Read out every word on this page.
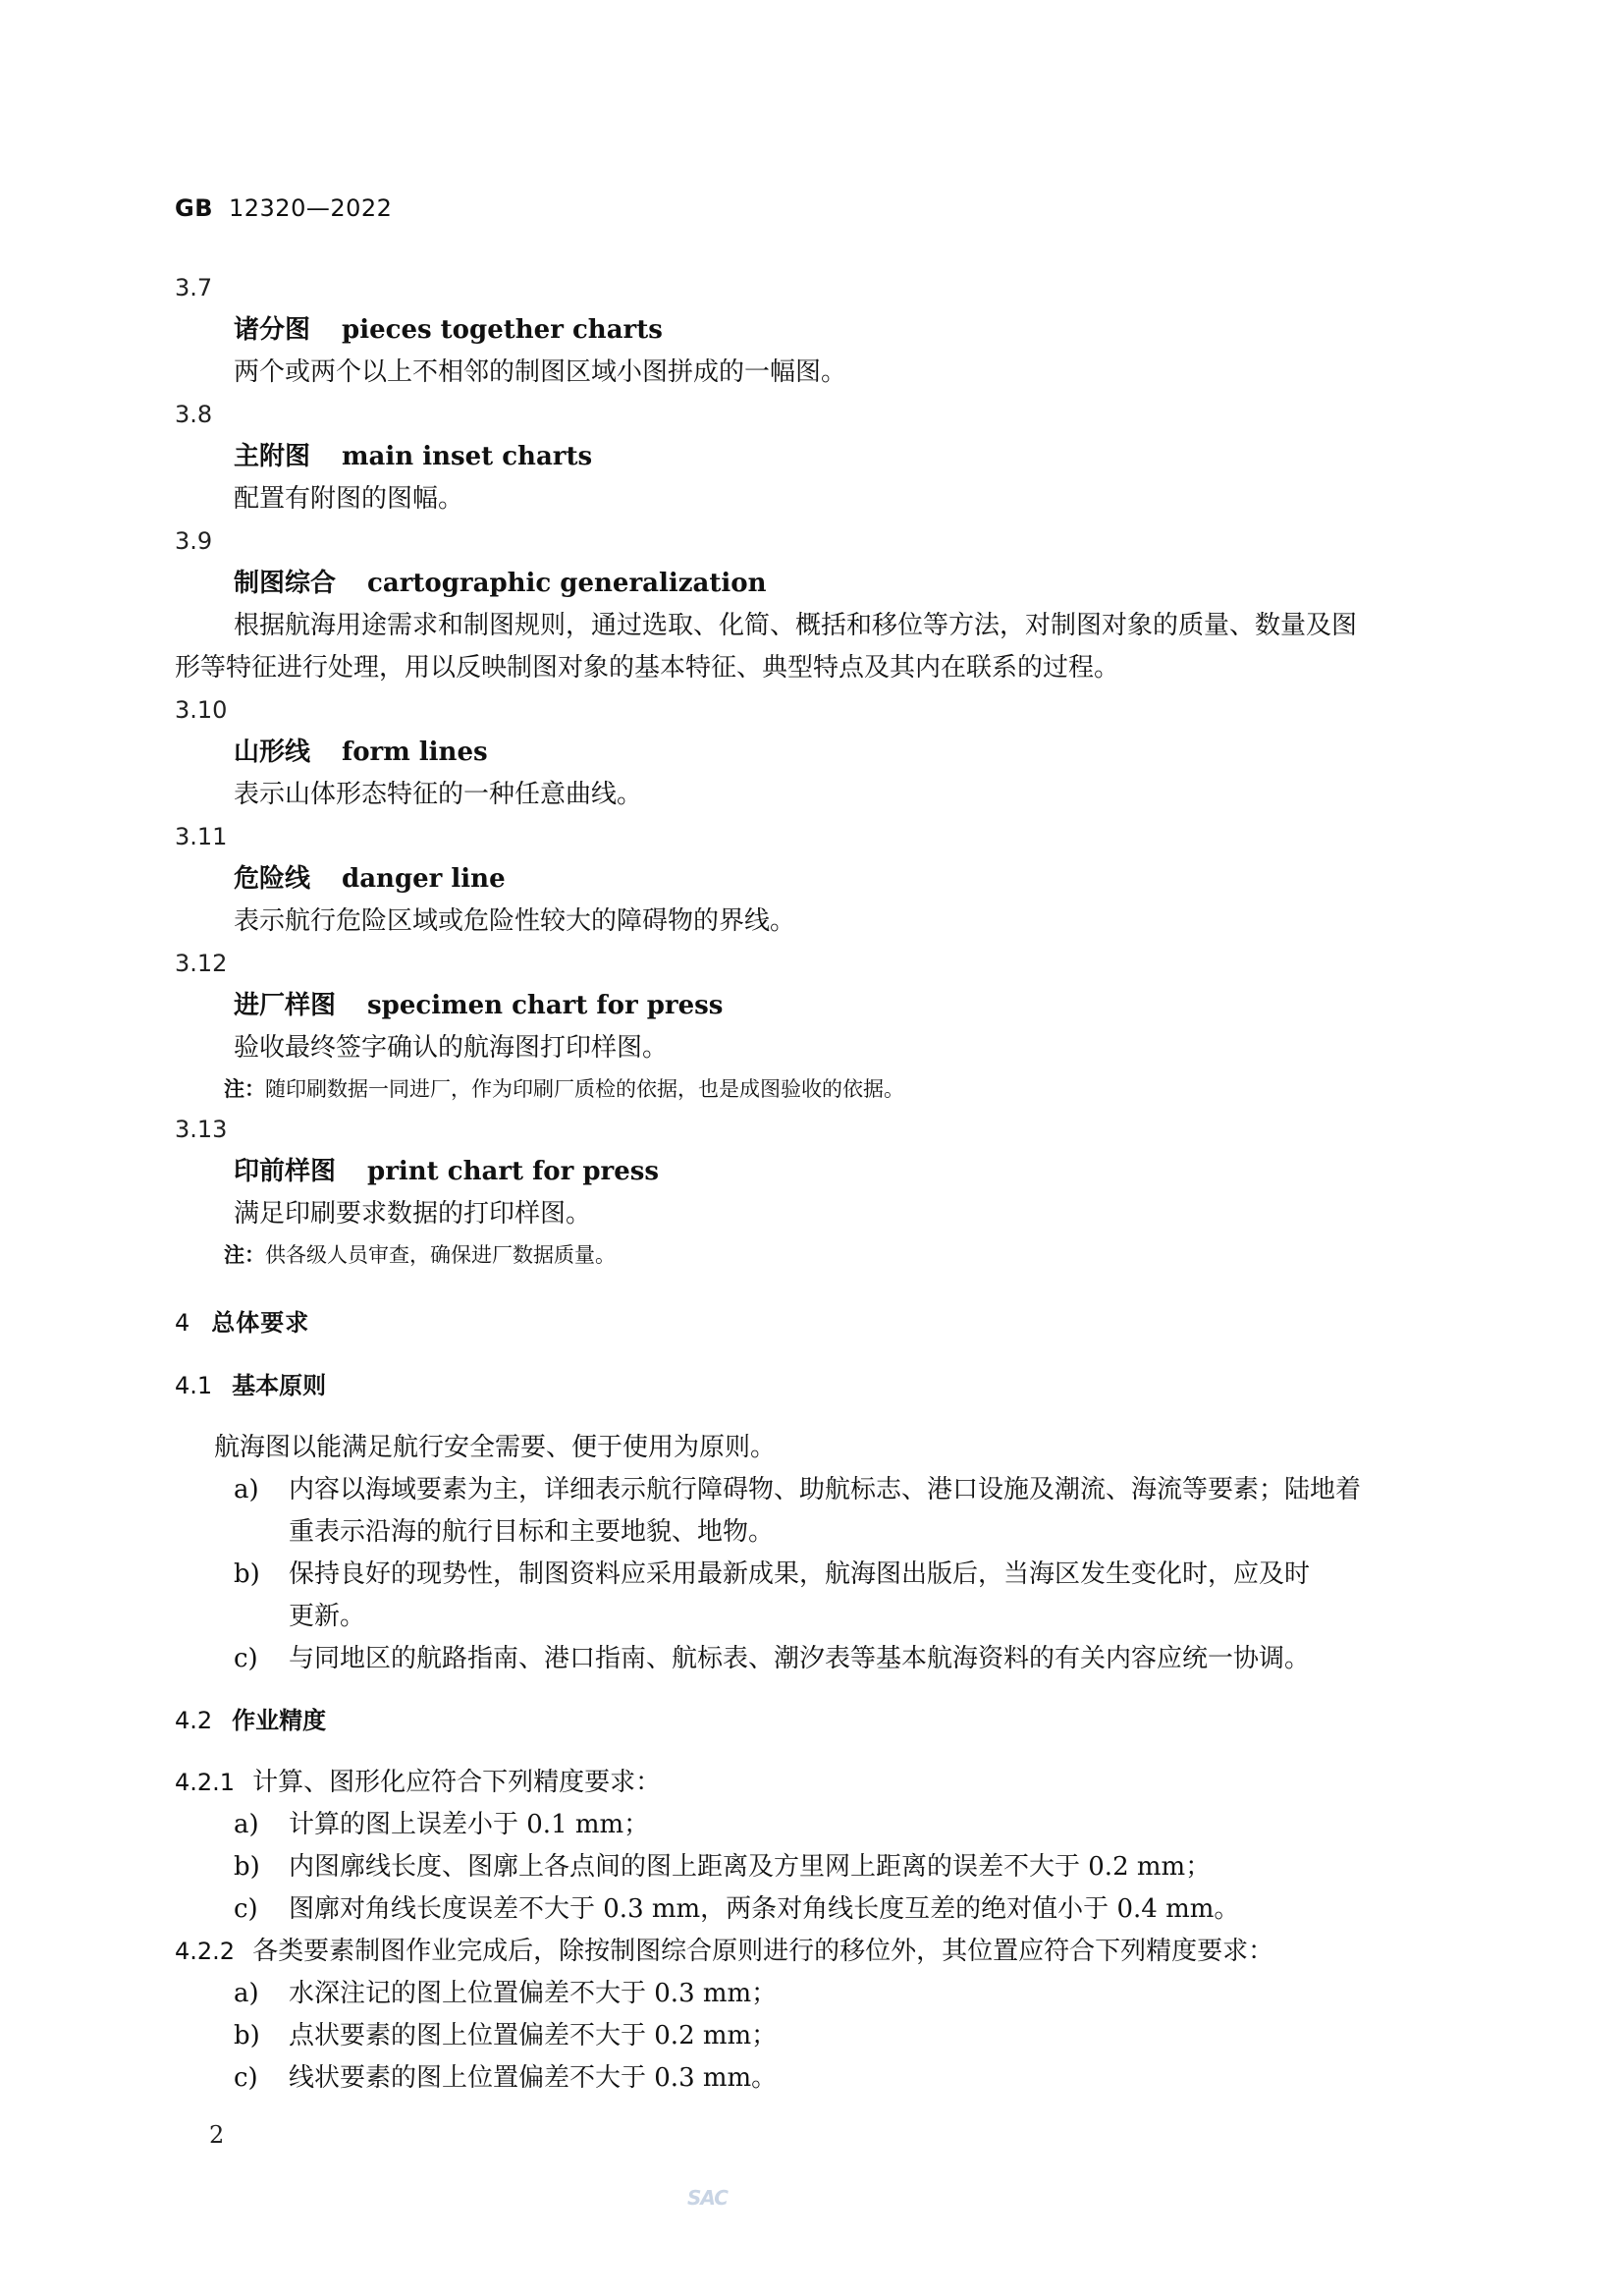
GB 12320—2022
3.7
诸分图 pieces together charts
两个或两个以上不相邻的制图区域小图拼成的一幅图。
3.8
主附图 main inset charts
配置有附图的图幅。
3.9
制图综合 cartographic generalization
根据航海用途需求和制图规则，通过选取、化简、概括和移位等方法，对制图对象的质量、数量及图
形等特征进行处理，用以反映制图对象的基本特征、典型特点及其内在联系的过程。
3.10
山形线 form lines
表示山体形态特征的一种任意曲线。
3.11
危险线 danger line
表示航行危险区域或危险性较大的障碍物的界线。
3.12
进厂样图 specimen chart for press
验收最终签字确认的航海图打印样图。
注：随印刷数据一同进厂，作为印刷厂质检的依据，也是成图验收的依据。
3.13
印前样图 print chart for press
满足印刷要求数据的打印样图。
注：供各级人员审查，确保进厂数据质量。
4 总体要求
4.1 基本原则
航海图以能满足航行安全需要、便于使用为原则。
a) 内容以海域要素为主，详细表示航行障碍物、助航标志、港口设施及潮流、海流等要素；陆地着
重表示沿海的航行目标和主要地貌、地物。
b) 保持良好的现势性，制图资料应采用最新成果，航海图出版后，当海区发生变化时，应及时
更新。
c) 与同地区的航路指南、港口指南、航标表、潮汐表等基本航海资料的有关内容应统一协调。
4.2 作业精度
4.2.1 计算、图形化应符合下列精度要求：
a) 计算的图上误差小于 0.1 mm；
b) 内图廓线长度、图廓上各点间的图上距离及方里网上距离的误差不大于 0.2 mm；
c) 图廓对角线长度误差不大于 0.3 mm，两条对角线长度互差的绝对值小于 0.4 mm。
4.2.2 各类要素制图作业完成后，除按制图综合原则进行的移位外，其位置应符合下列精度要求：
a) 水深注记的图上位置偏差不大于 0.3 mm；
b) 点状要素的图上位置偏差不大于 0.2 mm；
c) 线状要素的图上位置偏差不大于 0.3 mm。
2
SAC
